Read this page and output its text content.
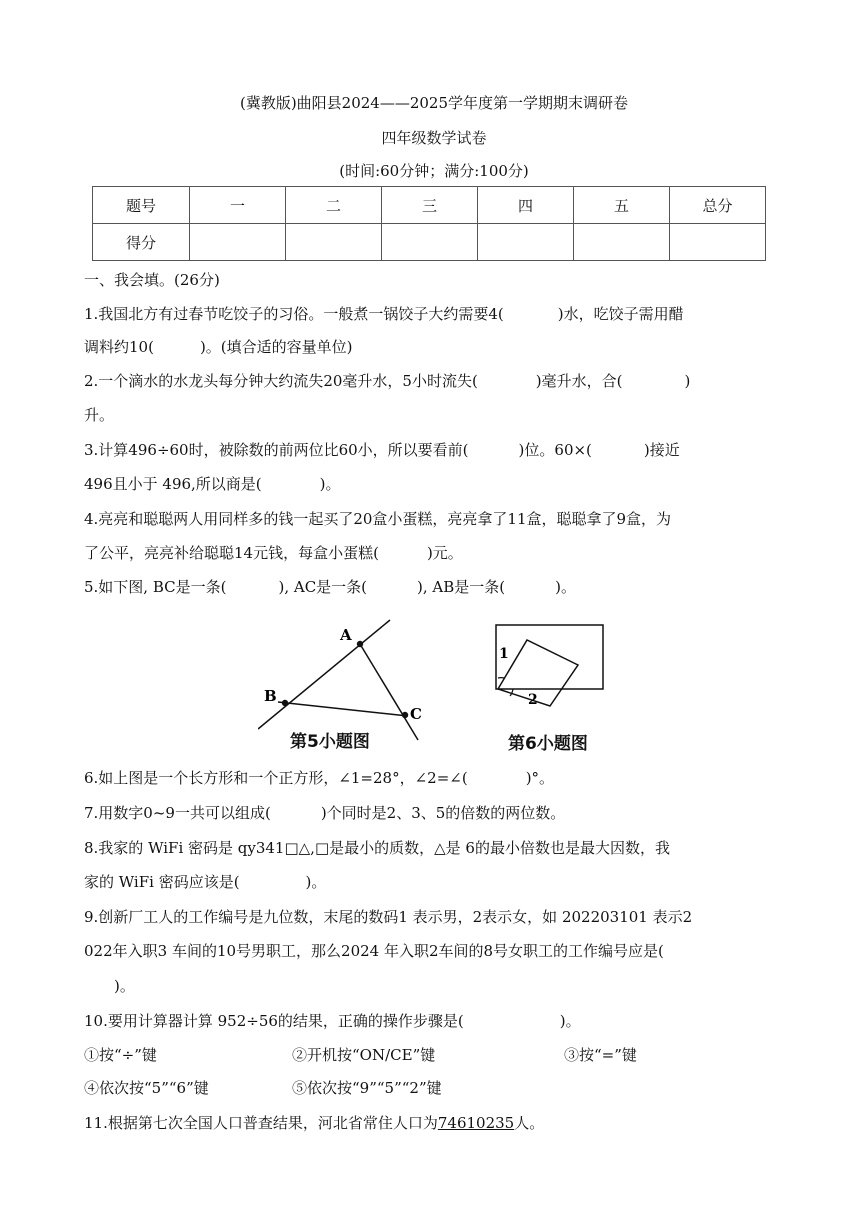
(冀教版)曲阳县2024——2025学年度第一学期期末调研卷
四年级数学试卷
(时间:60分钟；满分:100分)
题号	一	二	三	四	五	总分
得分						
一、我会填。(26分)
1.我国北方有过春节吃饺子的习俗。一般煮一锅饺子大约需要4(	)水，吃饺子需用醋
调料约10(	)。(填合适的容量单位)
2.一个滴水的水龙头每分钟大约流失20毫升水，5小时流失(	)毫升水，合(	)
升。
3.计算496÷60时，被除数的前两位比60小，所以要看前(	)位。60×(	)接近
496且小于 496,所以商是(	)。
4.亮亮和聪聪两人用同样多的钱一起买了20盒小蛋糕，亮亮拿了11盒，聪聪拿了9盒，为
了公平，亮亮补给聪聪14元钱，每盒小蛋糕(	)元。
5.如下图, BC是一条(	), AC是一条(	), AB是一条(	)。
A
B
C
第5小题图
1
2
第6小题图
6.如上图是一个长方形和一个正方形，∠1=28°，∠2=∠(	)°。
7.用数字0~9一共可以组成(	)个同时是2、3、5的倍数的两位数。
8.我家的 WiFi 密码是 qy341□△,□是最小的质数，△是 6的最小倍数也是最大因数，我
家的 WiFi 密码应该是(	)。
9.创新厂工人的工作编号是九位数，末尾的数码1 表示男，2表示女，如 202203101 表示2
022年入职3 车间的10号男职工，那么2024 年入职2车间的8号女职工的工作编号应是(
)。
10.要用计算器计算 952÷56的结果，正确的操作步骤是(	)。
①按“÷”键	②开机按“ON/CE”键	③按“=”键
④依次按“5”“6”键	⑤依次按“9”“5”“2”键
11.根据第七次全国人口普查结果，河北省常住人口为74610235人。
